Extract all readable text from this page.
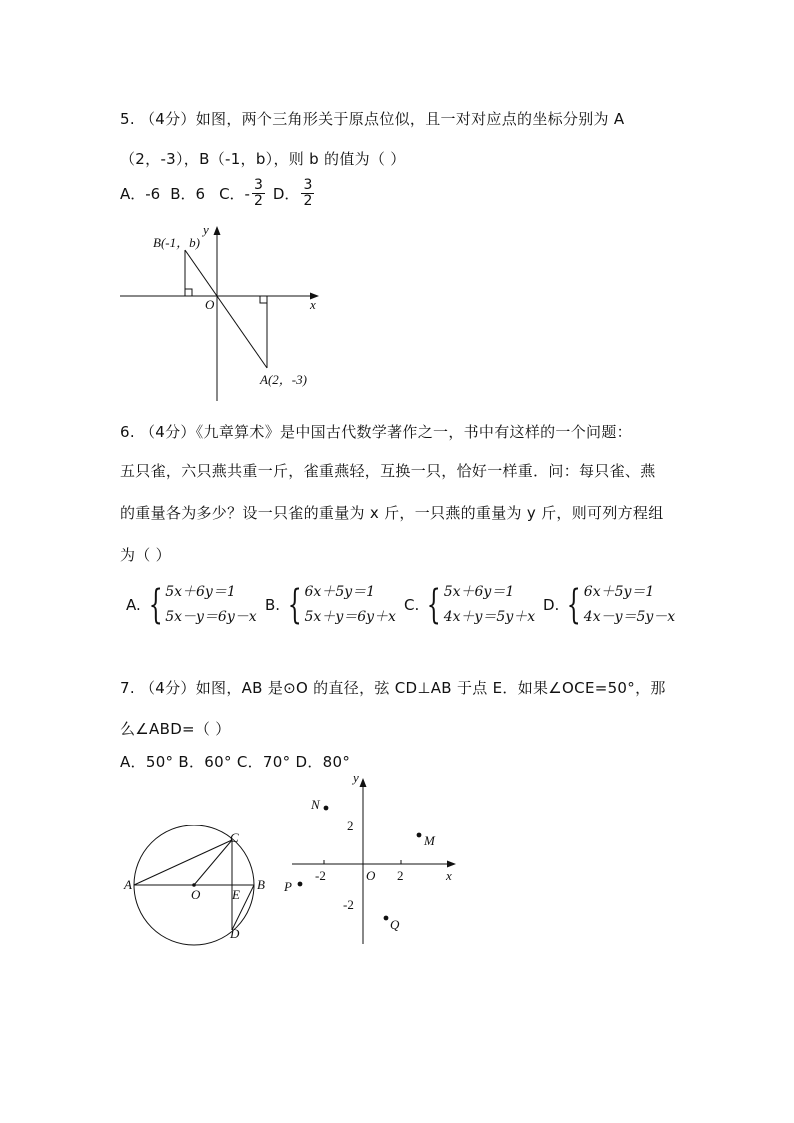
5. （4分）如图，两个三角形关于原点位似，且一对对应点的坐标分别为 A
（2，-3），B（-1，b），则 b 的值为（ ）
A．-6 B．6 C．- $\frac{3}{2}$ D． $\frac{3}{2}$
B(-1，b)
A(2，-3)
O	x
y
6. （4分）《九章算术》是中国古代数学著作之一，书中有这样的一个问题：
五只雀，六只燕共重一斤，雀重燕轻，互换一只，恰好一样重．问：每只雀、燕
的重量各为多少？设一只雀的重量为 x 斤，一只燕的重量为 y 斤，则可列方程组
为（ ）
A. { 5x＋6y＝1
5x－y＝6y－x
B. { 6x＋5y＝1
5x＋y＝6y＋x
C. { 5x＋6y＝1
4x＋y＝5y＋x
D. { 6x＋5y＝1
4x－y＝5y－x
7. （4分）如图，AB 是⊙O 的直径，弦 CD⊥AB 于点 E．如果∠OCE=50°，那
么∠ABD=（ ）
A．50° B．60° C．70° D．80°
A	B
C
D
E
O
N
M
P
Q
O	x
y
-2	2
2
-2
